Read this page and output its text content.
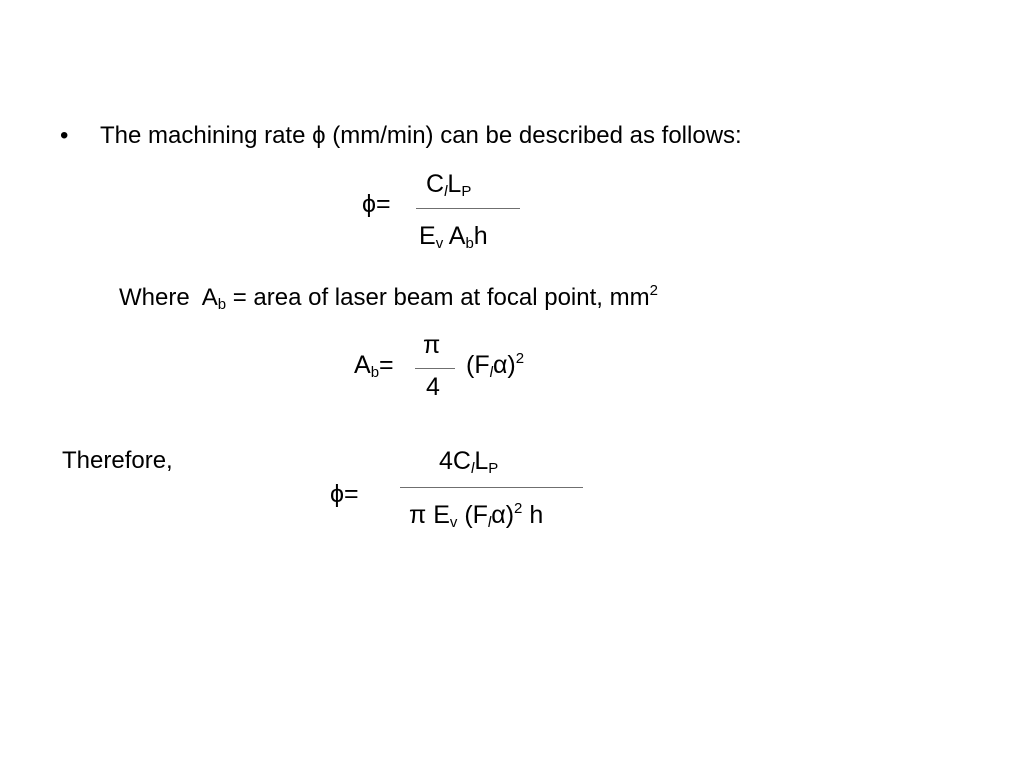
• The machining rate ϕ (mm/min) can be described as follows:
ϕ=
$C_lL_P$
$E_v$ $A_bh$
Where $A_b$ = area of laser beam at focal point, $mm^2$
$A_b=$
π
4
$(F_l\alpha)^2$
Therefore,
ϕ=
$4C_lL_P$
π $E_v$ $(F_l\alpha)^2$ h
